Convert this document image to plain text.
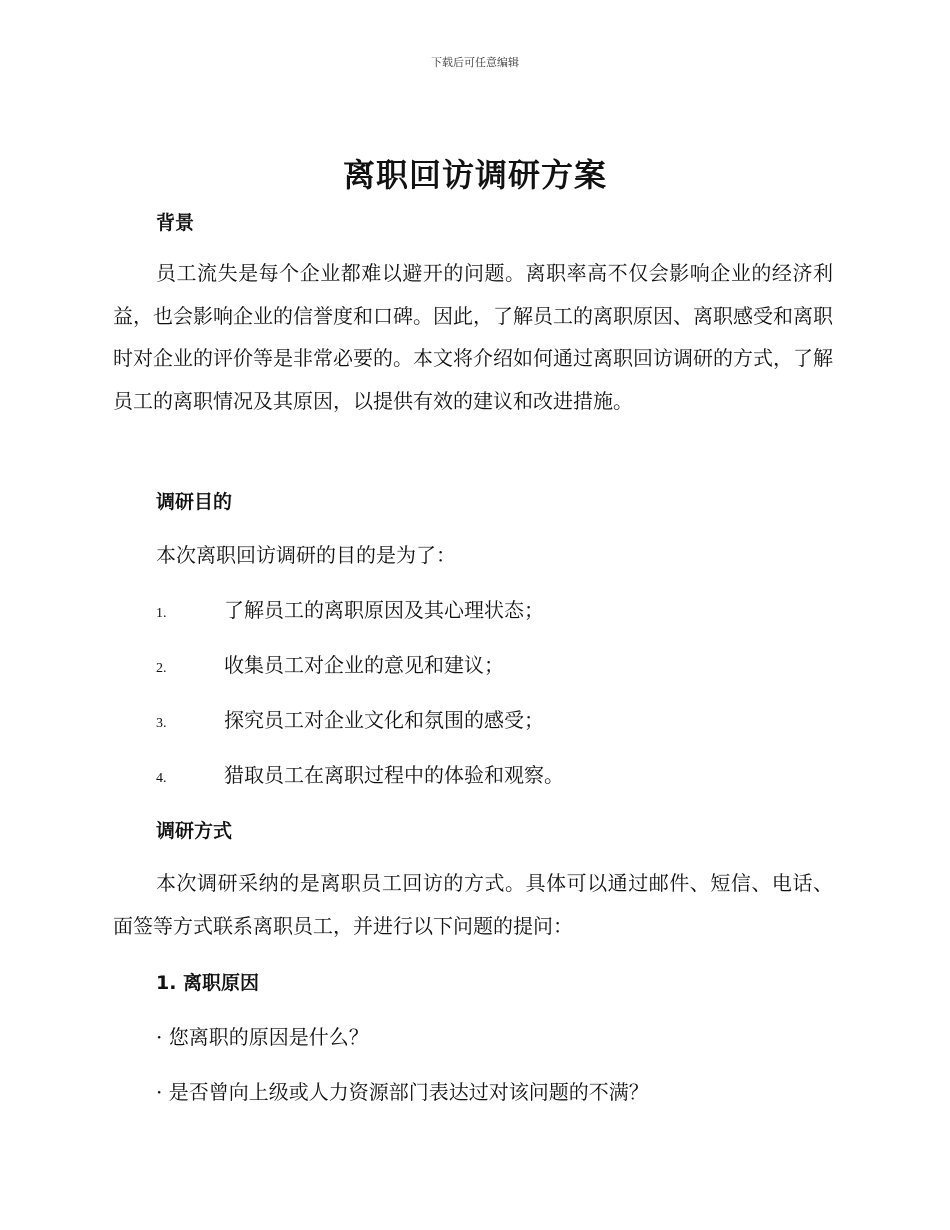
下载后可任意编辑
离职回访调研方案
背景

员工流失是每个企业都难以避开的问题。离职率高不仅会影响企业的经济利益，也会影响企业的信誉度和口碑。因此，了解员工的离职原因、离职感受和离职时对企业的评价等是非常必要的。本文将介绍如何通过离职回访调研的方式，了解员工的离职情况及其原因，以提供有效的建议和改进措施。

调研目的

本次离职回访调研的目的是为了：

1.	了解员工的离职原因及其心理状态；

2.	收集员工对企业的意见和建议；

3.	探究员工对企业文化和氛围的感受；

4.	猎取员工在离职过程中的体验和观察。

调研方式

本次调研采纳的是离职员工回访的方式。具体可以通过邮件、短信、电话、面签等方式联系离职员工，并进行以下问题的提问：

1. 离职原因

· 您离职的原因是什么？

· 是否曾向上级或人力资源部门表达过对该问题的不满？
